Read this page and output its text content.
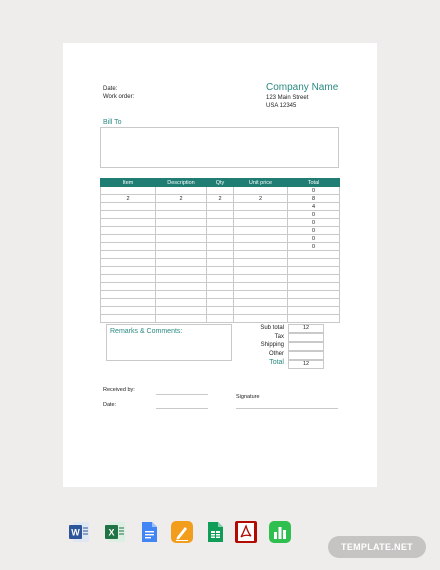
Date:
Work order:
Company Name
123 Main Street
USA 12345
Bill To
Item	Description	Qty	Unit price	Total
				0
2	2	2	2	8
				4
				0
				0
				0
				0
				0

Remarks & Comments:	Sub total	12
Tax
Shipping
Other
Total	12
Received by:
Date:
Signature
W	X
TEMPLATE.NET
